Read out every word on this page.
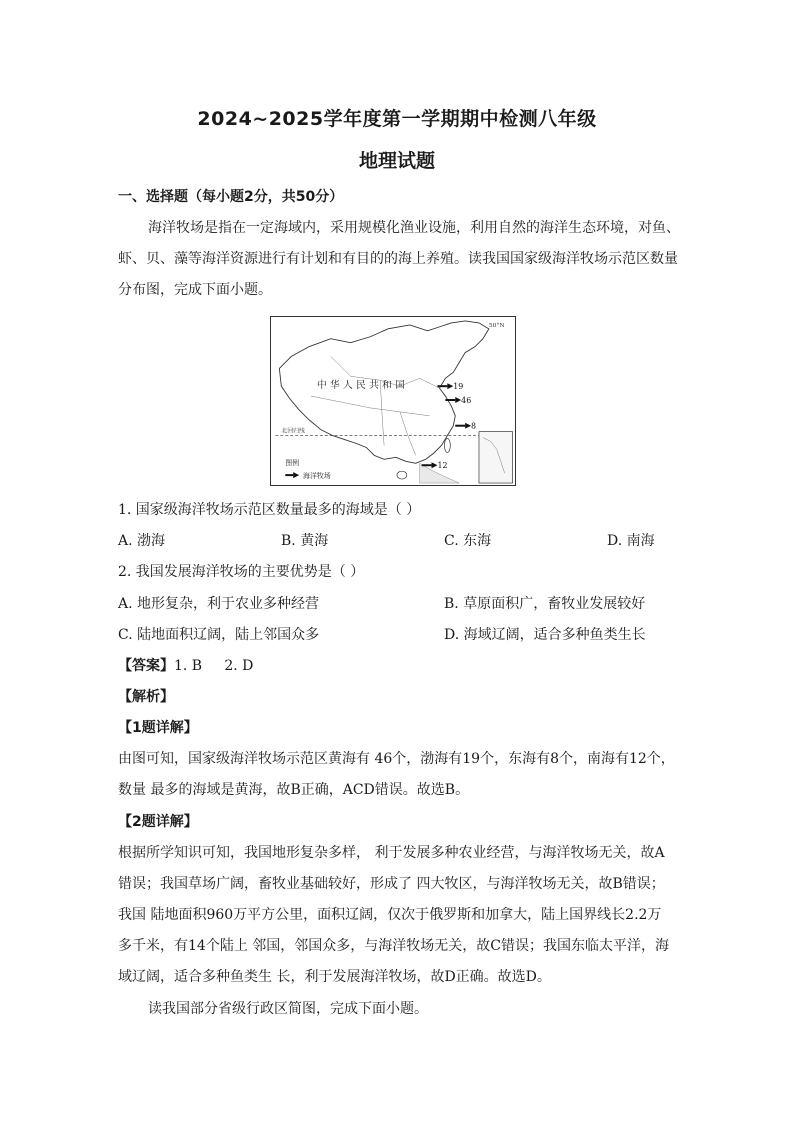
2024~2025学年度第一学期期中检测八年级
地理试题
一、选择题（每小题2分，共50分）
海洋牧场是指在一定海域内，采用规模化渔业设施，利用自然的海洋生态环境，对鱼、
虾、贝、藻等海洋资源进行有计划和有目的的海上养殖。读我国国家级海洋牧场示范区数量
分布图，完成下面小题。
北回归线
50°N
中 华 人 民 共 和 国	19
46
8
12
图例
海洋牧场
1. 国家级海洋牧场示范区数量最多的海域是（ ）
A. 渤海	B. 黄海	C. 东海	D. 南海
2. 我国发展海洋牧场的主要优势是（ ）
A. 地形复杂，利于农业多种经营	B. 草原面积广，畜牧业发展较好
C. 陆地面积辽阔，陆上邻国众多	D. 海域辽阔，适合多种鱼类生长
【答案】1. B     2. D
【解析】
【1题详解】
由图可知，国家级海洋牧场示范区黄海有 46个，渤海有19个，东海有8个，南海有12个，
数量 最多的海域是黄海，故B正确，ACD错误。故选B。
【2题详解】
根据所学知识可知，我国地形复杂多样， 利于发展多种农业经营，与海洋牧场无关，故A
错误；我国草场广阔，畜牧业基础较好，形成了 四大牧区，与海洋牧场无关，故B错误；
我国 陆地面积960万平方公里，面积辽阔，仅次于俄罗斯和加拿大，陆上国界线长2.2万
多千米，有14个陆上 邻国，邻国众多，与海洋牧场无关，故C错误；我国东临太平洋，海
域辽阔，适合多种鱼类生 长，利于发展海洋牧场，故D正确。故选D。
读我国部分省级行政区简图，完成下面小题。
